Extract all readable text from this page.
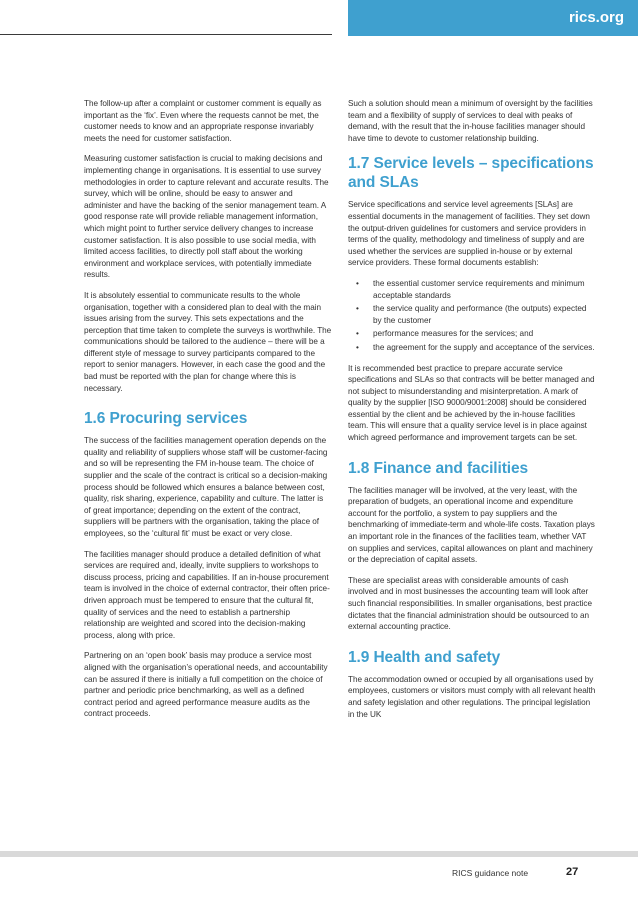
rics.org

The follow-up after a complaint or customer comment is equally as important as the ‘fix’. Even where the requests cannot be met, the customer needs to know and an appropriate response invariably meets the need for customer satisfaction.

Measuring customer satisfaction is crucial to making decisions and implementing change in organisations. It is essential to use survey methodologies in order to capture relevant and accurate results. The survey, which will be online, should be easy to answer and administer and have the backing of the senior management team. A good response rate will provide reliable management information, which might point to further service delivery changes to increase customer satisfaction. It is also possible to use social media, with limited access facilities, to directly poll staff about the working environment and workplace services, with potentially immediate results.

It is absolutely essential to communicate results to the whole organisation, together with a considered plan to deal with the main issues arising from the survey. This sets expectations and the perception that time taken to complete the surveys is worthwhile. The communications should be tailored to the audience – there will be a different style of message to survey participants compared to the report to senior managers. However, in each case the good and the bad must be reported with the plan for change where this is necessary.

1.6 Procuring services

The success of the facilities management operation depends on the quality and reliability of suppliers whose staff will be customer-facing and so will be representing the FM in-house team. The choice of supplier and the scale of the contract is critical so a decision-making process should be followed which ensures a balance between cost, quality, risk sharing, experience, capability and culture. The latter is of great importance; depending on the extent of the contract, suppliers will be partners with the organisation, taking the place of employees, so the ‘cultural fit’ must be exact or very close.

The facilities manager should produce a detailed definition of what services are required and, ideally, invite suppliers to workshops to discuss process, pricing and capabilities. If an in-house procurement team is involved in the choice of external contractor, their often price-driven approach must be tempered to ensure that the cultural fit, quality of services and the need to establish a partnership relationship are weighted and scored into the decision-making process, along with price.

Partnering on an ‘open book’ basis may produce a service most aligned with the organisation’s operational needs, and accountability can be assured if there is initially a full competition on the choice of partner and periodic price benchmarking, as well as a defined contract period and agreed performance measure audits as the contract proceeds.

Such a solution should mean a minimum of oversight by the facilities team and a flexibility of supply of services to deal with peaks of demand, with the result that the in-house facilities manager should have time to devote to customer relationship building.

1.7 Service levels – specifications and SLAs

Service specifications and service level agreements [SLAs] are essential documents in the management of facilities. They set down the output-driven guidelines for customers and service providers in terms of the quality, methodology and timeliness of supply and are used whether the services are supplied in-house or by external service providers. These formal documents establish:

• the essential customer service requirements and minimum acceptable standards
• the service quality and performance (the outputs) expected by the customer
• performance measures for the services; and
• the agreement for the supply and acceptance of the services.

It is recommended best practice to prepare accurate service specifications and SLAs so that contracts will be better managed and not subject to misunderstanding and misinterpretation. A mark of quality by the supplier [ISO 9000/9001:2008] should be considered essential by the client and be achieved by the in-house facilities team. This will ensure that a quality service level is in place against which agreed performance and improvement targets can be set.

1.8 Finance and facilities

The facilities manager will be involved, at the very least, with the preparation of budgets, an operational income and expenditure account for the portfolio, a system to pay suppliers and the benchmarking of immediate-term and whole-life costs. Taxation plays an important role in the finances of the facilities team, whether VAT on supplies and services, capital allowances on plant and machinery or the depreciation of capital assets.

These are specialist areas with considerable amounts of cash involved and in most businesses the accounting team will look after such financial responsibilities. In smaller organisations, best practice dictates that the financial administration should be outsourced to an external accounting practice.

1.9 Health and safety

The accommodation owned or occupied by all organisations used by employees, customers or visitors must comply with all relevant health and safety legislation and other regulations. The principal legislation in the UK

RICS guidance note	27
